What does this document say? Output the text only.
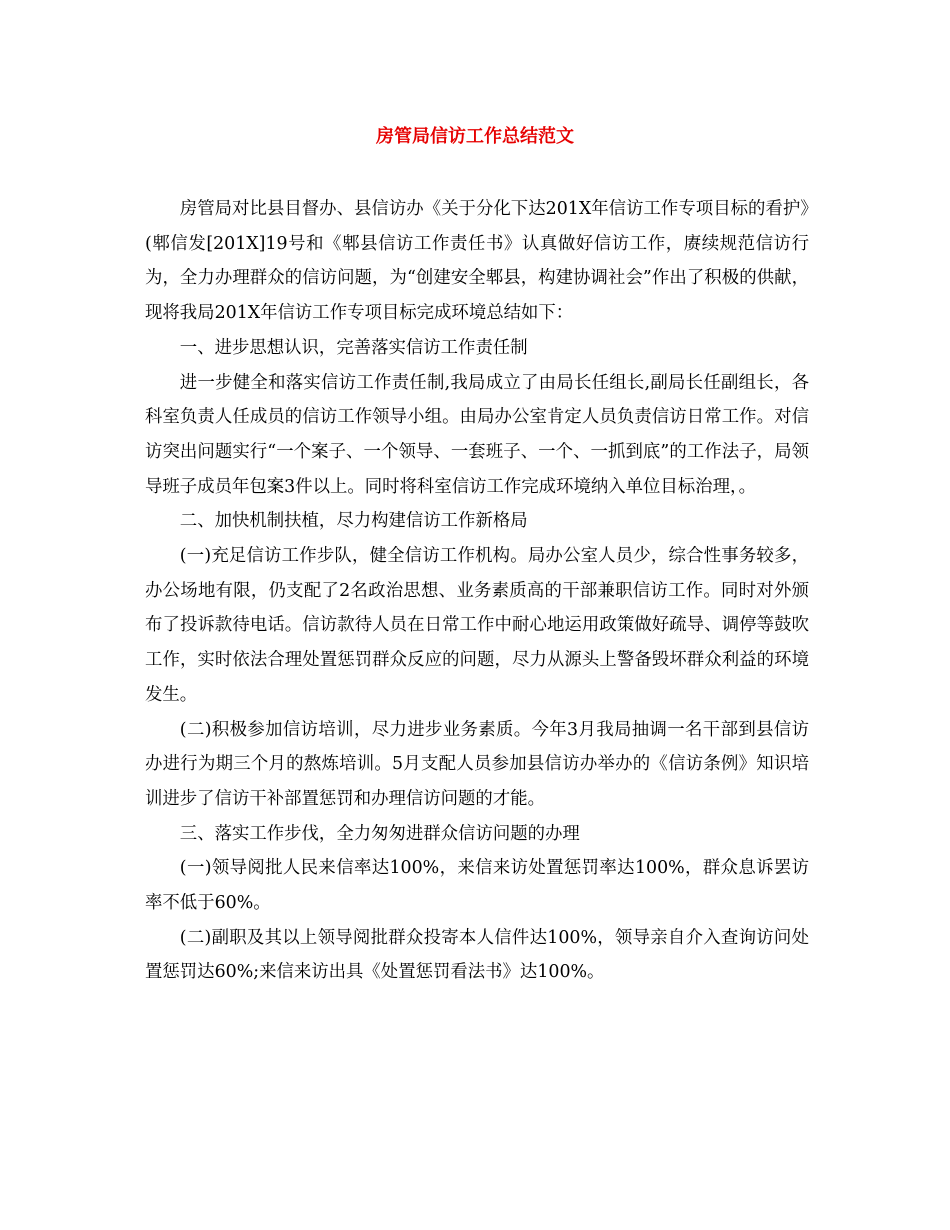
房管局信访工作总结范文

房管局对比县目督办、县信访办《关于分化下达201X年信访工作专项目标的看护》(郫信发[201X]19号和《郫县信访工作责任书》认真做好信访工作，赓续规范信访行为，全力办理群众的信访问题，为“创建安全郫县，构建协调社会”作出了积极的供献，现将我局201X年信访工作专项目标完成环境总结如下：

一、进步思想认识，完善落实信访工作责任制

进一步健全和落实信访工作责任制,我局成立了由局长任组长,副局长任副组长，各科室负责人任成员的信访工作领导小组。由局办公室肯定人员负责信访日常工作。对信访突出问题实行“一个案子、一个领导、一套班子、一个、一抓到底”的工作法子，局领导班子成员年包案3件以上。同时将科室信访工作完成环境纳入单位目标治理，。

二、加快机制扶植，尽力构建信访工作新格局

(一)充足信访工作步队，健全信访工作机构。局办公室人员少，综合性事务较多，办公场地有限，仍支配了2名政治思想、业务素质高的干部兼职信访工作。同时对外颁布了投诉款待电话。信访款待人员在日常工作中耐心地运用政策做好疏导、调停等鼓吹工作，实时依法合理处置惩罚群众反应的问题，尽力从源头上警备毁坏群众利益的环境发生。

(二)积极参加信访培训，尽力进步业务素质。今年3月我局抽调一名干部到县信访办进行为期三个月的熬炼培训。5月支配人员参加县信访办举办的《信访条例》知识培训进步了信访干补部置惩罚和办理信访问题的才能。

三、落实工作步伐，全力匆匆进群众信访问题的办理

(一)领导阅批人民来信率达100%，来信来访处置惩罚率达100%，群众息诉罢访率不低于60%。

(二)副职及其以上领导阅批群众投寄本人信件达100%，领导亲自介入查询访问处置惩罚达60%;来信来访出具《处置惩罚看法书》达100%。
